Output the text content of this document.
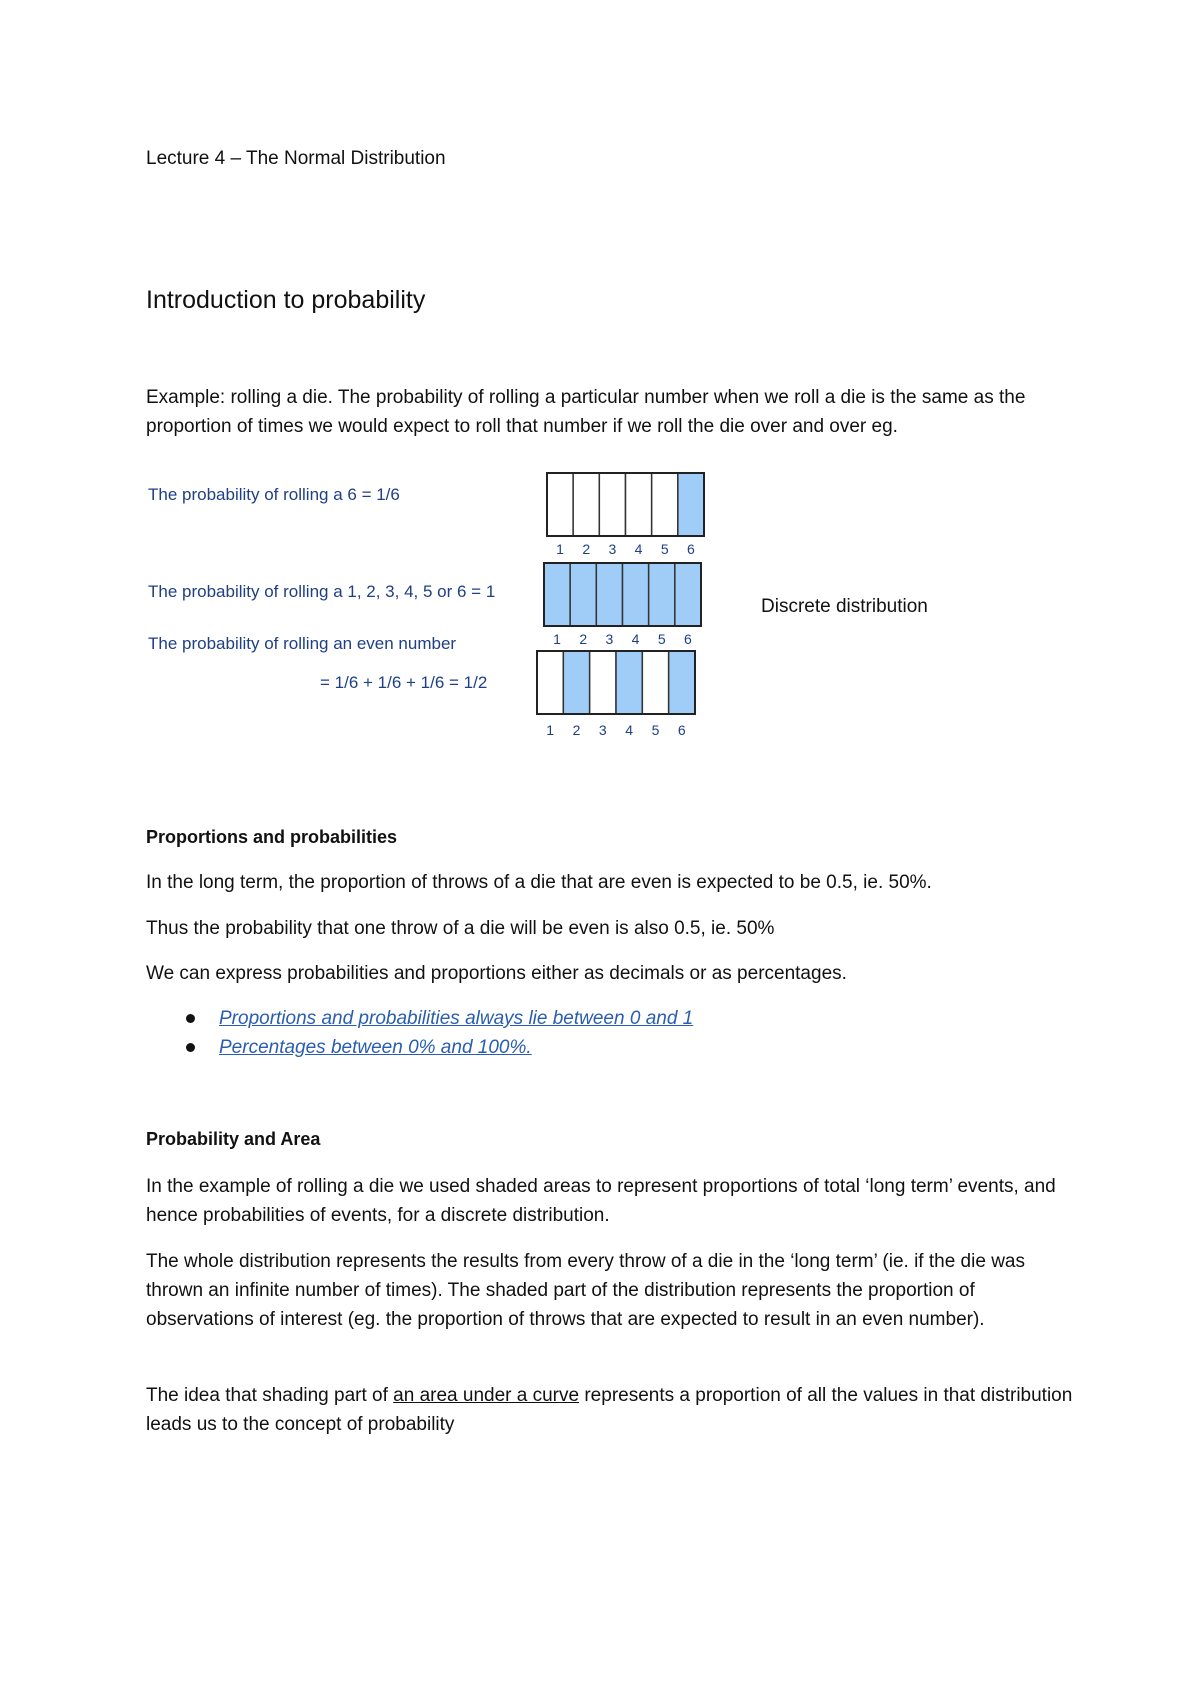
Lecture 4 – The Normal Distribution
Introduction to probability
Example: rolling a die. The probability of rolling a particular number when we roll a die is the same as the proportion of times we would expect to roll that number if we roll the die over and over eg.
The probability of rolling a 6 = 1/6
The probability of rolling a 1, 2, 3, 4, 5 or 6 = 1
The probability of rolling an even number
= 1/6 + 1/6 + 1/6 = 1/2
1 2 3 4 5 6
1 2 3 4 5 6
1 2 3 4 5 6
Discrete distribution
Proportions and probabilities
In the long term, the proportion of throws of a die that are even is expected to be 0.5, ie. 50%.
Thus the probability that one throw of a die will be even is also 0.5, ie. 50%
We can express probabilities and proportions either as decimals or as percentages.
Proportions and probabilities always lie between 0 and 1
Percentages between 0% and 100%.
Probability and Area
In the example of rolling a die we used shaded areas to represent proportions of total ‘long term’ events, and hence probabilities of events, for a discrete distribution.
The whole distribution represents the results from every throw of a die in the ‘long term’ (ie. if the die was thrown an infinite number of times). The shaded part of the distribution represents the proportion of observations of interest (eg. the proportion of throws that are expected to result in an even number).
The idea that shading part of an area under a curve represents a proportion of all the values in that distribution leads us to the concept of probability
